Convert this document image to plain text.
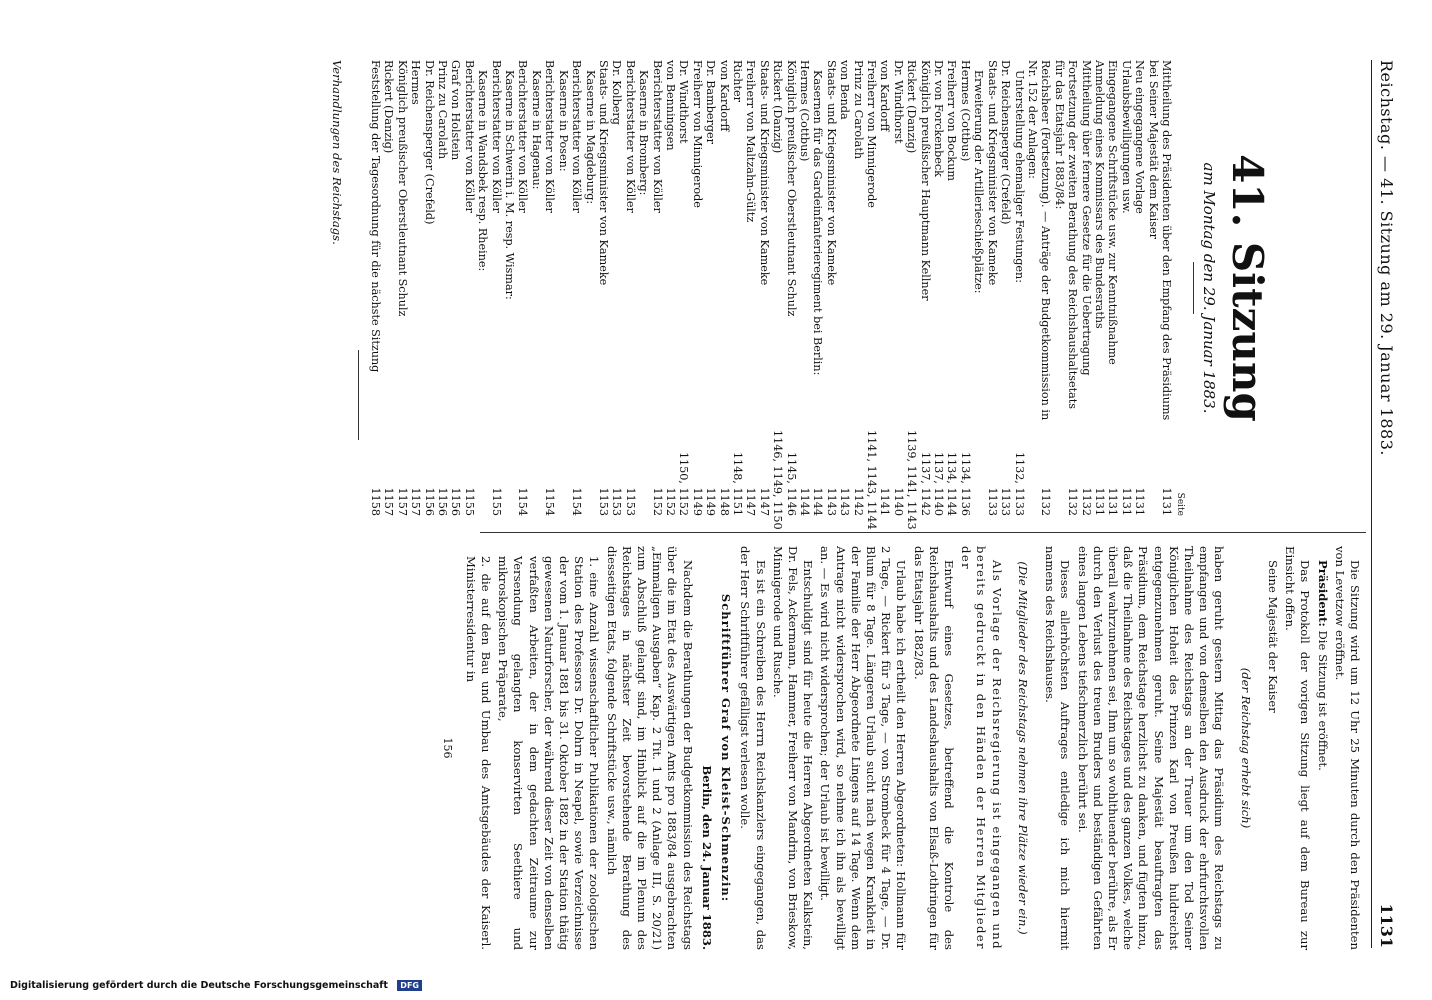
Reichstag. — 41. Sitzung am 29. Januar 1883.
1131
41. Sitzung
am Montag den 29. Januar 1883.
Seite
Mittheilung des Präsidenten über den Empfang des Präsidiums bei Seiner Majestät dem Kaiser
1131
Neu eingegangene Vorlage
1131
Urlaubsbewilligungen usw.
1131
Eingegangene Schriftstücke usw. zur Kenntnißnahme
1131
Anmeldung eines Kommissars des Bundesraths
1131
Mittheilung über fernere Gesetze für die Uebertragung
1132
Fortsetzung der zweiten Berathung des Reichshaushaltsetats für das Etatsjahr 1883/84:
1132
Reichsheer (Fortsetzung). — Anträge der Budgetkommission in Nr. 152 der Anlagen:
1132
Unterstellung ehemaliger Festungen:
1132, 1133
Dr. Reichensperger (Crefeld)
1133
Staats- und Kriegsminister von Kameke
1133
Erweiterung der Artillerieschießplätze:
Hermes (Cottbus)
1134, 1136
Freiherr von Bockum
1134, 1144
Dr. von Forckenbeck
1137, 1140
Königlich preußischer Hauptmann Kellner
1137, 1142
Rickert (Danzig)
1139, 1141, 1143
Dr. Windthorst
1140
von Kardorff
1141
Freiherr von Minnigerode
1141, 1143, 1144
Prinz zu Carolath
1142
von Benda
1143
Staats- und Kriegsminister von Kameke
1143
Kasernen für das Gardeinfanterieregiment bei Berlin:
1144
Hermes (Cottbus)
1144
Königlich preußischer Oberstleutnant Schulz
1145, 1146
Rickert (Danzig)
1146, 1149, 1150
Staats- und Kriegsminister von Kameke
1147
Freiherr von Maltzahn-Gültz
1147
Richter
1148, 1151
von Kardorff
1148
Dr. Bamberger
1149
Freiherr von Minnigerode
1149
Dr. Windthorst
1150, 1152
von Benningsen
1152
Berichterstatter von Köller
1152
Kaserne in Bromberg:
Berichterstatter von Köller
1153
Dr. Kolberg
1153
Staats- und Kriegsminister von Kameke
1153
Kaserne in Magdeburg:
Berichterstatter von Köller
1154
Kaserne in Posen:
Berichterstatter von Köller
1154
Kaserne in Hagenau:
Berichterstatter von Köller
1154
Kaserne in Schwerin i. M. resp. Wismar:
Berichterstatter von Köller
1155
Kaserne in Wandsbek resp. Rheine:
Berichterstatter von Köller
1155
Graf von Holstein
1156
Prinz zu Carolath
1156
Dr. Reichensperger (Crefeld)
1156
Hermes
1157
Königlich preußischer Oberstleutnant Schulz
1157
Rickert (Danzig)
1157
Feststellung der Tagesordnung für die nächste Sitzung
1158
Verhandlungen des Reichstags.

Die Sitzung wird um 12 Uhr 25 Minuten durch den Präsidenten von Levetzow eröffnet.

Präsident: Die Sitzung ist eröffnet.

Das Protokoll der vorigen Sitzung liegt auf dem Bureau zur Einsicht offen.

Seine Majestät der Kaiser

(der Reichstag erhebt sich)

haben geruht gestern Mittag das Präsidium des Reichstags zu empfangen und von demselben den Ausdruck der ehrfurchtsvollen Theilnahme des Reichstags an der Trauer um den Tod Seiner Königlichen Hoheit des Prinzen Karl von Preußen huldreichst entgegenzunehmen geruht. Seine Majestät beauftragten das Präsidium, dem Reichstage herzlichst zu danken, und fügten hinzu, daß die Theilnahme des Reichstages und des ganzen Volkes, welche überall wahrzunehmen sei, Ihm um so wohlthuender berühre, als Er durch den Verlust des treuen Bruders und beständigen Gefährten eines langen Lebens tiefschmerzlich berührt sei.

Dieses allerhöchsten Auftrages entledige ich mich hiermit namens des Reichshauses.

(Die Mitglieder des Reichstags nehmen ihre Plätze wieder ein.)

Als Vorlage der Reichsregierung ist eingegangen und bereits gedruckt in den Händen der Herren Mitglieder der

Entwurf eines Gesetzes, betreffend die Kontrole des Reichshaushalts und des Landeshaushalts von Elsaß-Lothringen für das Etatsjahr 1882/83.

Urlaub habe ich ertheilt den Herren Abgeordneten: Hollmann für 2 Tage, — Rickert für 3 Tage, — von Strombeck für 4 Tage, — Dr. Blum für 8 Tage. Längeren Urlaub sucht nach wegen Krankheit in der Familie der Herr Abgeordnete Lingens auf 14 Tage. Wenn dem Antrage nicht widersprochen wird, so nehme ich ihn als bewilligt an. — Es wird nicht widersprochen; der Urlaub ist bewilligt.

Entschuldigt sind für heute die Herren Abgeordneten Kalkstein, Dr. Fels, Ackermann, Hammer, Freiherr von Mandrin, von Brieskow, Minnigerode und Rusche.

Es ist ein Schreiben des Herrn Reichskanzlers eingegangen, das der Herr Schriftführer gefälligst verlesen wolle.

Schriftführer Graf von Kleist-Schmenzin:

Berlin, den 24. Januar 1883.

Nachdem die Berathungen der Budgetkommission des Reichstags über die im Etat des Auswärtigen Amts pro 1883/84 ausgebrachten „Einmaligen Ausgaben“ Kap. 2 Tit. 1 und 2 (Anlage III, S. 20/21) zum Abschluß gelangt sind, im Hinblick auf die im Plenum des Reichstages in nächster Zeit bevorstehende Berathung des diesseitigen Etats, folgende Schriftstücke usw., nämlich

1. eine Anzahl wissenschaftlicher Publikationen der zoologischen Station des Professors Dr. Dohrn in Neapel, sowie Verzeichnisse der vom 1. Januar 1881 bis 31. Oktober 1882 in der Station thätig gewesenen Naturforscher, der während dieser Zeit von denselben verfaßten Arbeiten, der in dem gedachten Zeitraume zur Versendung gelangten konservirten Seethiere und mikroskopischen Präparate,

2. die auf den Bau und Umbau des Amtsgebäudes der Kaiserl. Ministerresidentur in

156

Digitalisierung gefördert durch die Deutsche Forschungsgemeinschaft DFG
